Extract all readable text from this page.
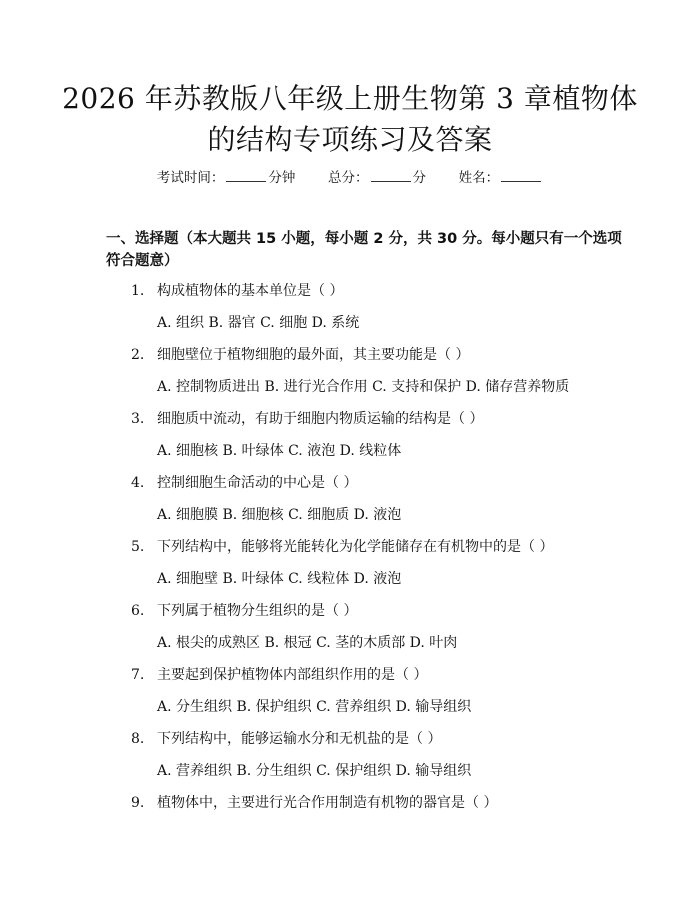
2026 年苏教版八年级上册生物第 3 章植物体
的结构专项练习及答案
考试时间：	分钟 总分：	分 姓名：
一、选择题（本大题共 15 小题，每小题 2 分，共 30 分。每小题只有一个选项符合题意）
1. 构成植物体的基本单位是（ ）
A. 组织 B. 器官 C. 细胞 D. 系统
2. 细胞壁位于植物细胞的最外面，其主要功能是（ ）
A. 控制物质进出 B. 进行光合作用 C. 支持和保护 D. 储存营养物质
3. 细胞质中流动，有助于细胞内物质运输的结构是（ ）
A. 细胞核 B. 叶绿体 C. 液泡 D. 线粒体
4. 控制细胞生命活动的中心是（ ）
A. 细胞膜 B. 细胞核 C. 细胞质 D. 液泡
5. 下列结构中，能够将光能转化为化学能储存在有机物中的是（ ）
A. 细胞壁 B. 叶绿体 C. 线粒体 D. 液泡
6. 下列属于植物分生组织的是（ ）
A. 根尖的成熟区 B. 根冠 C. 茎的木质部 D. 叶肉
7. 主要起到保护植物体内部组织作用的是（ ）
A. 分生组织 B. 保护组织 C. 营养组织 D. 输导组织
8. 下列结构中，能够运输水分和无机盐的是（ ）
A. 营养组织 B. 分生组织 C. 保护组织 D. 输导组织
9. 植物体中，主要进行光合作用制造有机物的器官是（ ）
